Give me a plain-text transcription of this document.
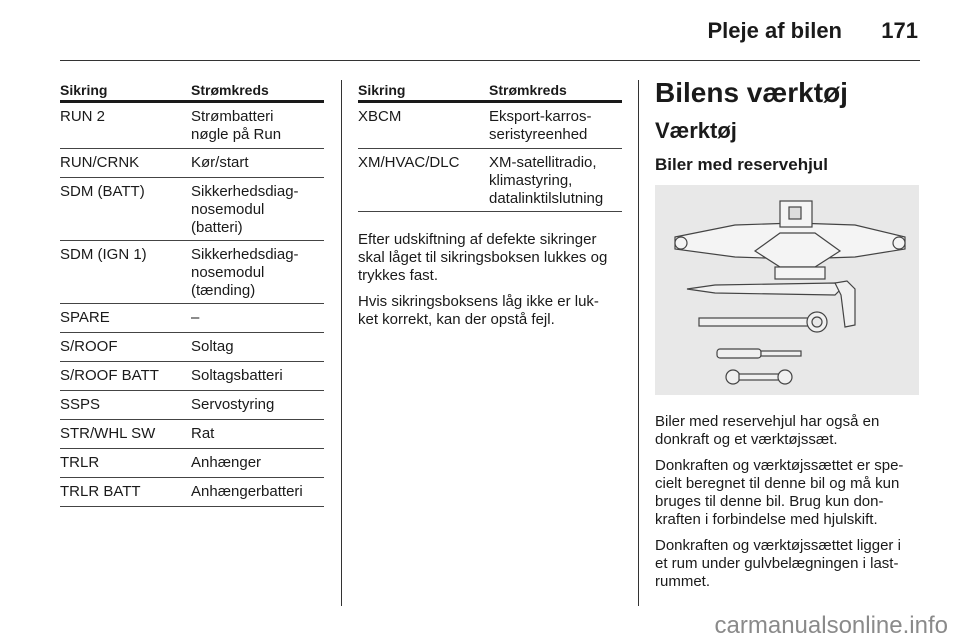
Pleje af bilen 171
Sikring	Strømkreds
RUN 2	Strømbatteri
nøgle på Run
RUN/CRNK	Kør/start
SDM (BATT)	Sikkerhedsdiag-
nosemodul
(batteri)
SDM (IGN 1)	Sikkerhedsdiag-
nosemodul
(tænding)
SPARE	–
S/ROOF	Soltag
S/ROOF BATT Soltagsbatteri
SSPS	Servostyring
STR/WHL SW Rat
TRLR	Anhænger
TRLR BATT	Anhængerbatteri
Sikring	Strømkreds
XBCM	Eksport-karros-
seristyreenhed
XM/HVAC/DLC XM-satellitradio,
klimastyring,
datalinktilslutning

Efter udskiftning af defekte sikringer
skal låget til sikringsboksen lukkes og
trykkes fast.

Hvis sikringsboksens låg ikke er luk-
ket korrekt, kan der opstå fejl.

Bilens værktøj
Værktøj
Biler med reservehjul

Biler med reservehjul har også en
donkraft og et værktøjssæt.

Donkraften og værktøjssættet er spe-
cielt beregnet til denne bil og må kun
bruges til denne bil. Brug kun don-
kraften i forbindelse med hjulskift.

Donkraften og værktøjssættet ligger i
et rum under gulvbelægningen i last-
rummet.

carmanualsonline.info
